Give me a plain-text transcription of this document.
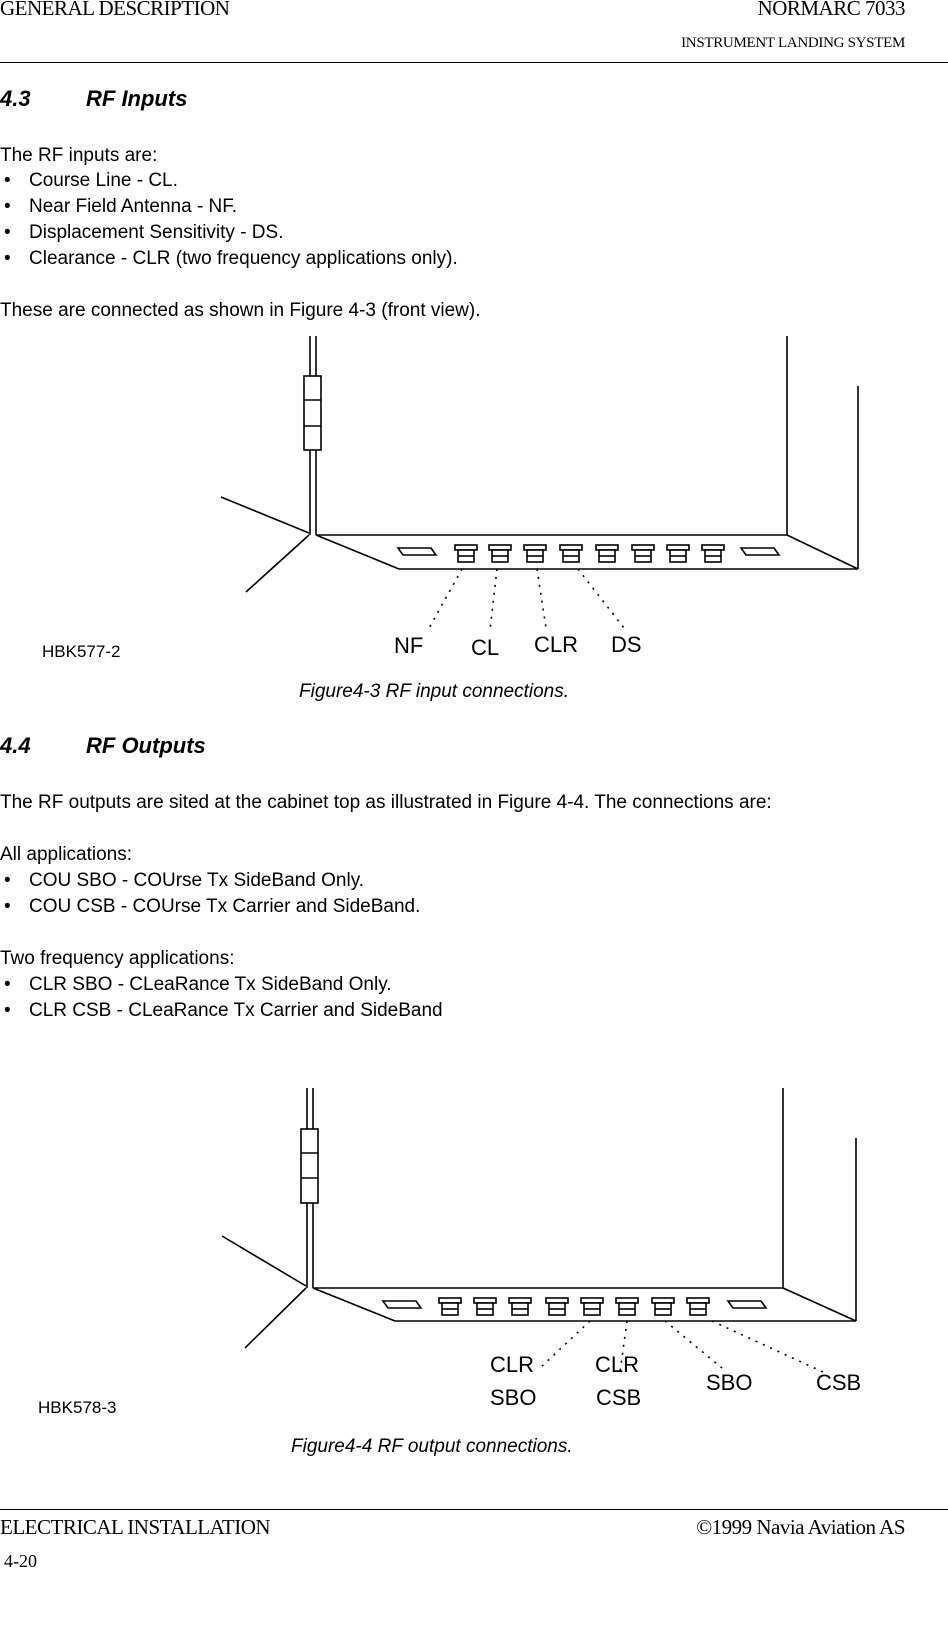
GENERAL DESCRIPTION	NORMARC 7033
INSTRUMENT LANDING SYSTEM
4.3	RF Inputs
The RF inputs are:
• Course Line - CL.
• Near Field Antenna - NF.
• Displacement Sensitivity - DS.
• Clearance - CLR (two frequency applications only).
These are connected as shown in Figure 4-3 (front view).
NF CL CLR DS
HBK577-2
Figure4-3 RF input connections.
4.4	RF Outputs
The RF outputs are sited at the cabinet top as illustrated in Figure 4-4. The connections are:
All applications:
• COU SBO - COUrse Tx SideBand Only.
• COU CSB - COUrse Tx Carrier and SideBand.
Two frequency applications:
• CLR SBO - CLeaRance Tx SideBand Only.
• CLR CSB - CLeaRance Tx Carrier and SideBand
CLR
SBO
CLR
CSB
SBO	CSB
HBK578-3
Figure4-4 RF output connections.
ELECTRICAL INSTALLATION	©1999 Navia Aviation AS
4-20
